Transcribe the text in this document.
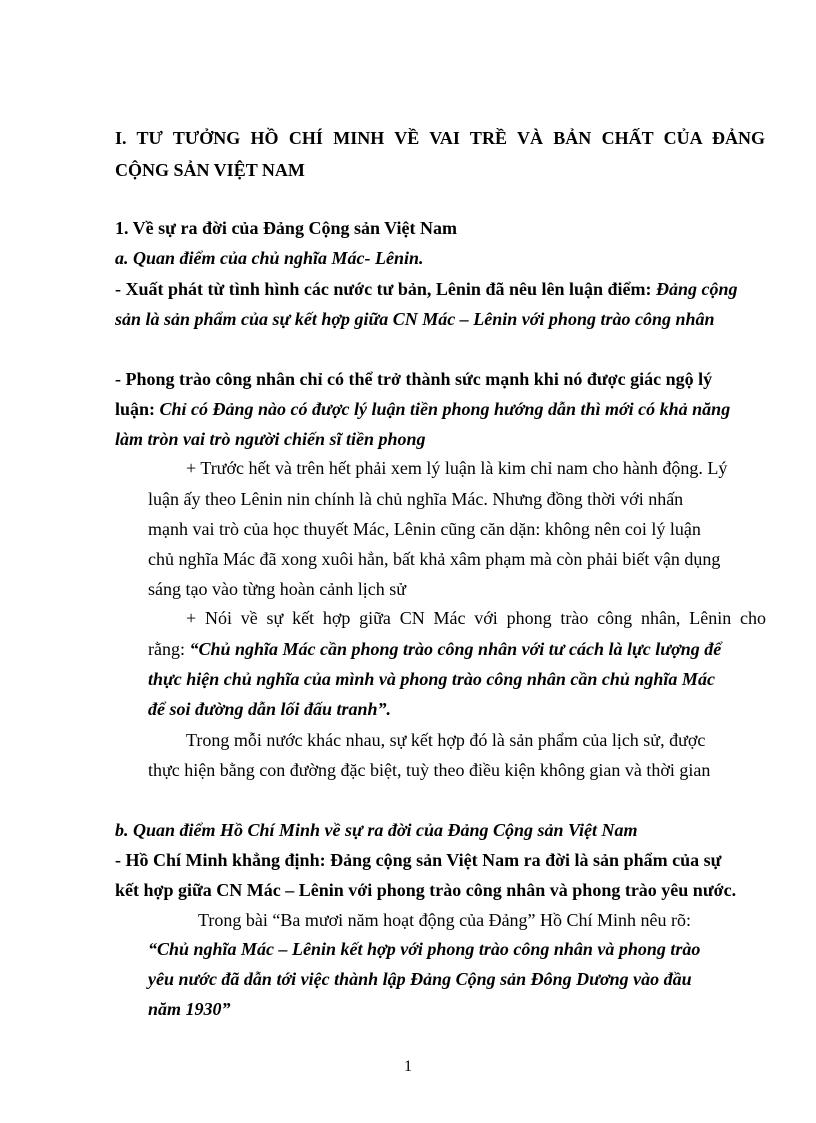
I. TƯ TƯỞNG HỒ CHÍ MINH VỀ VAI TRỀ VÀ BẢN CHẤT CỦA ĐẢNG
CỘNG SẢN VIỆT NAM
1. Về sự ra đời của Đảng Cộng sản Việt Nam
a. Quan điểm của chủ nghĩa Mác- Lênin.
- Xuất phát từ tình hình các nước tư bản, Lênin đã nêu lên luận điểm: Đảng cộng
sản là sản phẩm của sự kết hợp giữa CN Mác – Lênin với phong trào công nhân
- Phong trào công nhân chỉ có thể trở thành sức mạnh khi nó được giác ngộ lý
luận: Chỉ có Đảng nào có được lý luận tiền phong hướng dẫn thì mới có khả năng
làm tròn vai trò người chiến sĩ tiền phong
+ Trước hết và trên hết phải xem lý luận là kim chỉ nam cho hành động. Lý
luận ấy theo Lênin nin chính là chủ nghĩa Mác. Nhưng đồng thời với nhấn
mạnh vai trò của học thuyết Mác, Lênin cũng căn dặn: không nên coi lý luận
chủ nghĩa Mác đã xong xuôi hẳn, bất khả xâm phạm mà còn phải biết vận dụng
sáng tạo vào từng hoàn cảnh lịch sử
+ Nói về sự kết hợp giữa CN Mác với phong trào công nhân, Lênin cho
rằng: “Chủ nghĩa Mác cần phong trào công nhân với tư cách là lực lượng để
thực hiện chủ nghĩa của mình và phong trào công nhân cần chủ nghĩa Mác
để soi đường dẫn lối đấu tranh”.
Trong mỗi nước khác nhau, sự kết hợp đó là sản phẩm của lịch sử, được
thực hiện bằng con đường đặc biệt, tuỳ theo điều kiện không gian và thời gian
b. Quan điểm Hồ Chí Minh về sự ra đời của Đảng Cộng sản Việt Nam
- Hồ Chí Minh khẳng định: Đảng cộng sản Việt Nam ra đời là sản phẩm của sự
kết hợp giữa CN Mác – Lênin với phong trào công nhân và phong trào yêu nước.
Trong bài “Ba mươi năm hoạt động của Đảng” Hồ Chí Minh nêu rõ:
“Chủ nghĩa Mác – Lênin kết hợp với phong trào công nhân và phong trào
yêu nước đã dẫn tới việc thành lập Đảng Cộng sản Đông Dương vào đầu
năm 1930”
1
